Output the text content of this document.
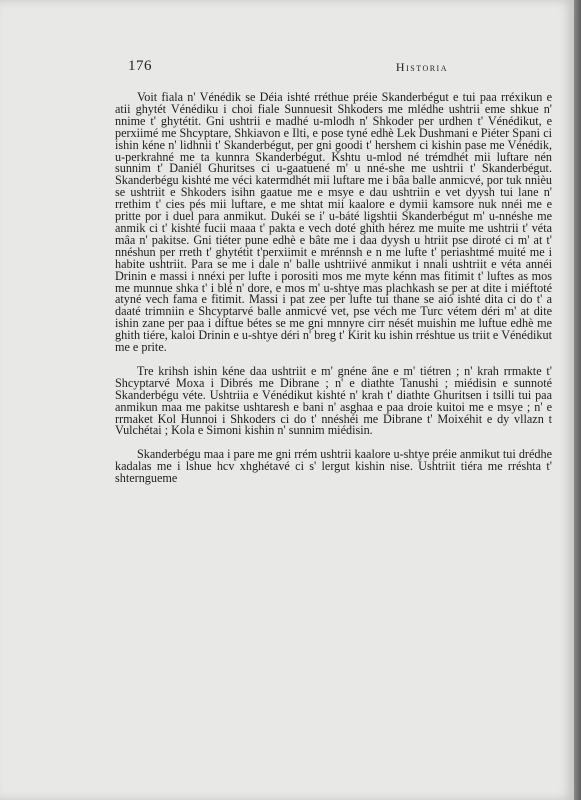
176	Historia

Voit fiala n' Vénédik se Déia ishté rréthue préie Skanderbégut e tui paa rréxikun e atii ghytét Vénédiku i choi fiale Sunnuesit Shkoders me mlédhe ushtrii eme shkue n' nnime t' ghytétit. Gni ushtrii e madhé u-mlodh n' Shkoder per urdhen t' Vénédikut, e perxiimé me Shcyptare, Shkiavon e Ilti, e pose tyné edhè Lek Dushmani e Piéter Spani ci ishin kéne n' lidhnii t' Skanderbégut, per gni goodi t' hershem ci kishin pase me Vénédik, u-perkrahné me ta kunnra Skanderbégut. Kshtu u-mlod né trémdhét mii luftare nén sunnim t' Daniél Ghuritses ci u-gaatuené m' u nné-she me ushtrii t' Skanderbégut. Skanderbégu kishté me véci katermdhét mii luftare me i bâa balle anmicvé, por tuk nnièu se ushtriit e Shkoders isihn gaatue me e msye e dau ushtriin e vet dyysh tui lane n' rrethim t' cies pés mii luftare, e me shtat mii kaalore e dymii kamsore nuk nnéi me e pritte por i duel para anmikut. Dukéi se i' u-báté ligshtii Skanderbégut m' u-nnéshe me anmik ci t' kishté fucii maaa t' pakta e vech doté ghith hérez me muite me ushtrii t' véta mâa n' pakitse. Gni tiéter pune edhè e bâte me i daa dyysh u htriit pse diroté ci m' at t' nnéshun per rreth t' ghytétit t'perxiimit e mrénnsh e n me lufte t' periashtmé muité me i habite ushtriit. Para se me i dale n' balle ushtriivé anmikut i nnali ushtriit e véta annéi Drinin e massi i nnéxi per lufte i porositi mos me myte kénn mas fitimit t' luftes as mos me munnue shka t' i blé n' dore, e mos m' u-shtye mas plachkash se per at dite i miéftoté atyné vech fama e fitimit. Massi i pat zee per lufte tui thane se aió ishté dita ci do t' a daaté trimniin e Shcyptarvé balle anmicvé vet, pse véch me Turc vétem déri m' at dite ishin zane per paa i diftue bétes se me gni mnnyre cirr nését muishin me luftue edhè me ghith tiére, kaloi Drinin e u-shtye déri n' breg t' Kirit ku ishin rréshtue us triit e Vénédikut me e prite.

Tre krihsh ishin kéne daa ushtriit e m' gnéne âne e m' tiétren ; n' krah rrmakte t' Shcyptarvé Moxa i Dibrés me Dibrane ; n' e diathte Tanushi ; miédisin e sunnoté Skanderbégu véte. Ushtriia e Vénédikut kishté n' krah t' diathte Ghuritsen i tsilli tui paa anmikun maa me pakitse ushtaresh e bani n' asghaa e paa droie kuitoi me e msye ; n' e rrmaket Kol Hunnoi i Shkoders ci do t' nnéshéi me Dibrane t' Moixéhit e dy vllazn t Vulchétai ; Kola e Simoni kishin n' sunnim miédisin.

Skanderbégu maa i pare me gni rrém ushtrii kaalore u-shtye préie anmikut tui drédhe kadalas me i lshue hcv xhghétavé ci s' lergut kishin nise. Ushtriit tiéra me rréshta t' shterngueme
